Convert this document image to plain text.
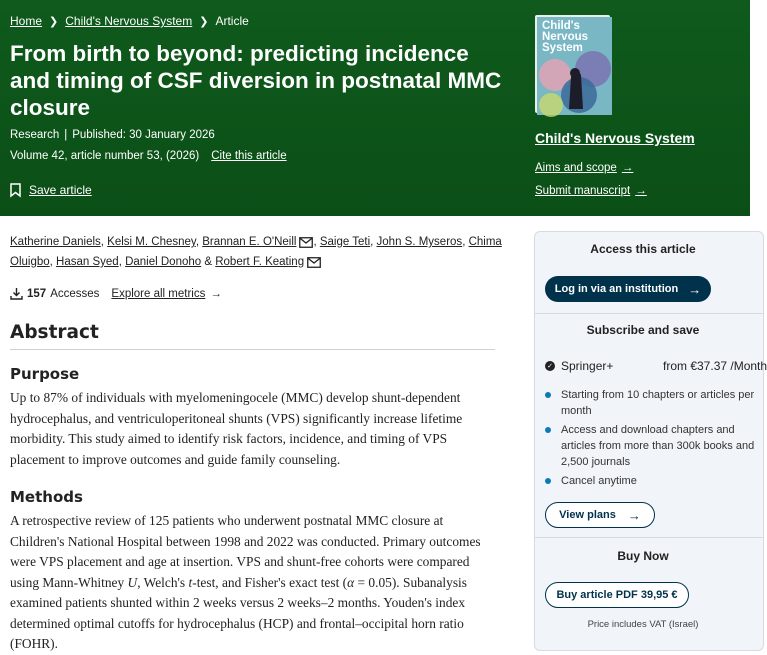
Home ❯ Child's Nervous System ❯ Article
From birth to beyond: predicting incidence and timing of CSF diversion in postnatal MMC closure
Research | Published: 30 January 2026
Volume 42, article number 53, (2026) Cite this article
Save article
Child's
Nervous
System
Child's Nervous System
Aims and scope →
Submit manuscript →
Katherine Daniels, Kelsi M. Chesney, Brannan E. O'Neill , Saige Teti, John S. Myseros, Chima Oluigbo, Hasan Syed, Daniel Donoho & Robert F. Keating
157 Accesses Explore all metrics →
Abstract
Purpose

Up to 87% of individuals with myelomeningocele (MMC) develop shunt-dependent hydrocephalus, and ventriculoperitoneal shunts (VPS) significantly increase lifetime morbidity. This study aimed to identify risk factors, incidence, and timing of VPS placement to improve outcomes and guide family counseling.

Methods

A retrospective review of 125 patients who underwent postnatal MMC closure at Children's National Hospital between 1998 and 2022 was conducted. Primary outcomes were VPS placement and age at insertion. VPS and shunt-free cohorts were compared using Mann-Whitney U, Welch's t-test, and Fisher's exact test (α = 0.05). Subanalysis examined patients shunted within 2 weeks versus 2 weeks–2 months. Youden's index determined optimal cutoffs for hydrocephalus (HCP) and frontal–occipital horn ratio (FOHR).

Access this article
Log in via an institution →
Subscribe and save
✓ Springer+	from €37.37 /Month
Starting from 10 chapters or articles per month
Access and download chapters and articles from more than 300k books and 2,500 journals
Cancel anytime
View plans →
Buy Now
Buy article PDF 39,95 €
Price includes VAT (Israel)
